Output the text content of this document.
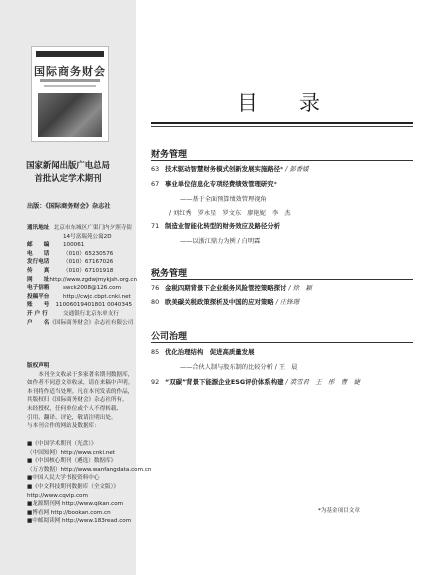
国际商务财会
国家新闻出版广电总局
首批认定学术期刊
出版：《国际商务财会》杂志社
通讯地址 北京市东城区广渠门内夕照寺街
14号富瑞苑公寓2D
邮　　编	100061
电　　话	（010）65230576
发行电话	（010）67167026
传　　真	（010）67101918
网　　址 http://www.zgdwjmykjsh.org.cn
电子信箱	swck2008@126.com
投稿平台	http://cwjc.cbpt.cnki.net
账　　号	11006019401801 0040345
开 户 行	交通银行北京东单支行
户　　名 《国际商务财会》杂志社有限公司
版权声明
　　本刊全文收录于多家著名期刊数据库，
如作者不同意文章收录，请在来稿中声明。
本刊将作适当处理。凡在本刊发表的作品，
其版权归《国际商务财会》杂志社所有，
未经授权，任何单位或个人不得转载、
引用、翻译、评论，敬请注明出处。
与本刊合作的网站及数据库：
■《中国学术期刊（光盘）》
（中国知网）http://www.cnki.net
■《中国核心期刊（遴选）数据库》
（万方数据）http://www.wanfangdata.com.cn
■中国人民大学书报资料中心
■《中文科技期刊数据库（全文版）》
http://www.cqvip.com
■龙源期刊网 http://www.qikan.com
■博看网 http://bookan.com.cn
■中邮阅读网 http://www.183read.com
目　录
财务管理
63 技术驱动智慧财务模式创新发展实施路径* / 彭香媛
67 事业单位信息化专项经费绩效管理研究*
——基于全面预算绩效管理视角
/ 刘红秀　罗永星　罗文东　廖艳妮　李　杰
71 制造业智能化转型的财务效应及路径分析
——以浙江鼎力为例 / 白明霖
税务管理
76 金税四期背景下企业税务风险管控策略探讨 / 徐　颖
80 欧美碳关税政策探析及中国的应对策略 / 庄锋璟
公司治理
85 优化治理结构　促进高质量发展
——合伙人制与股东制的比较分析 / 王　晨
92 “双碳”背景下能源企业ESG评价体系构建 / 裘雪君　王　彤　曹　婕
*为基金项目文章
